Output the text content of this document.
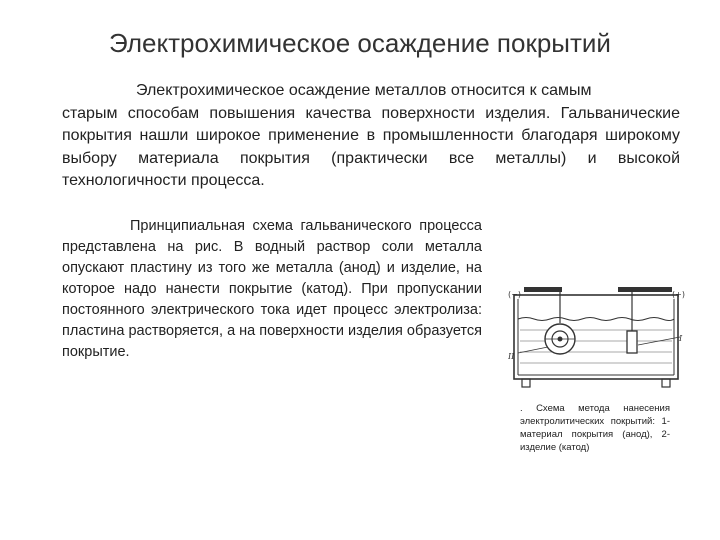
Электрохимическое осаждение покрытий
Электрохимическое осаждение металлов относится к самым
старым способам повышения качества поверхности изделия. Гальванические покрытия нашли широкое применение в промышленности благодаря широкому выбору материала покрытия (практически все металлы) и высокой технологичности процесса.
Принципиальная схема гальванического процесса представлена на рис. В водный раствор соли металла опускают пластину из того же металла (анод) и изделие, на которое надо нанести покрытие (катод). При пропускании постоянного электрического тока идет процесс электролиза: пластина растворяется, а на поверхности изделия образуется покрытие.
(−)	(+)
I
II
. Схема метода нанесения электролитических покрытий: 1-материал покрытия (анод), 2-изделие (катод)
